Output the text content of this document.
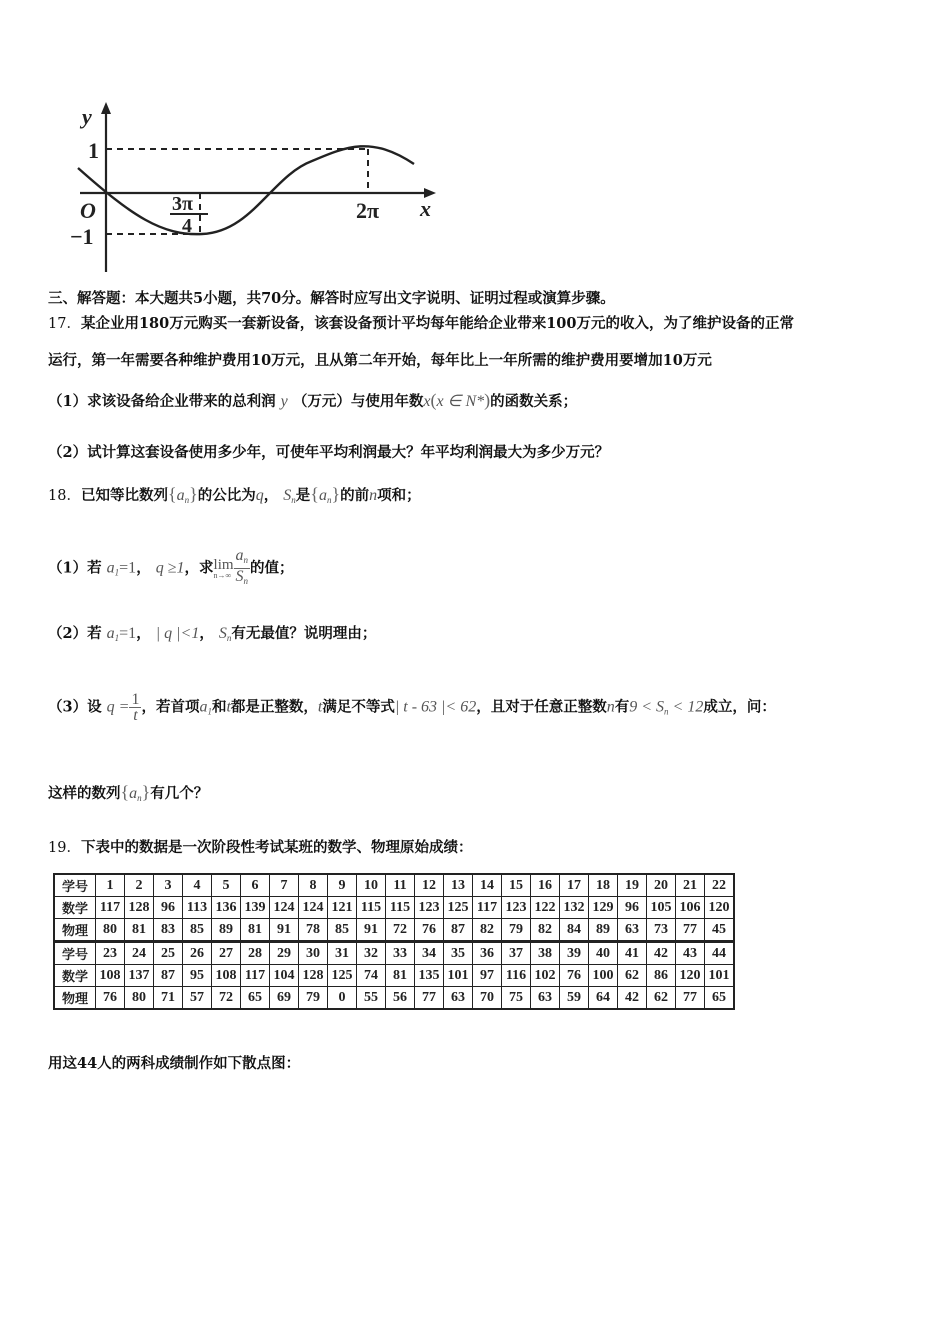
y
x
O
1
−1
3π
4
2π
三、解答题：本大题共5小题，共70分。解答时应写出文字说明、证明过程或演算步骤。
17．某企业用180万元购买一套新设备，该套设备预计平均每年能给企业带来100万元的收入，为了维护设备的正常
运行，第一年需要各种维护费用10万元，且从第二年开始，每年比上一年所需的维护费用要增加10万元
（1）求该设备给企业带来的总利润 y （万元）与使用年数x(x ∈ N*)的函数关系；
（2）试计算这套设备使用多少年，可使年平均利润最大？年平均利润最大为多少万元？
18．已知等比数列$\{a_n\}$的公比为q， $S_n$是$\{a_n\}$的前n项和；
（1）若 $a_1=1$， q ≥1，求 lim
$n\to\infty \frac{a_n}{S_n}$ 的值；
（2）若 $a_1=1$， | q |<1， $S_n$有无最值？说明理由；
（3）设 $q = \frac{1}{t}$ ，若首项$a_1$和t都是正整数，t满足不等式| t - 63 |< 62，且对于任意正整数n有$9 < S_n < 12$成立，问：
这样的数列$\{a_n\}$有几个？
19．下表中的数据是一次阶段性考试某班的数学、物理原始成绩：
学号	1	2	3	4	5	6	7	8	9	10	11	12	13	14	15	16	17	18	19	20	21	22
数学	117	128	96	113	136	139	124	124	121	115	115	123	125	117	123	122	132	129	96	105	106	120
物理	80	81	83	85	89	81	91	78	85	91	72	76	87	82	79	82	84	89	63	73	77	45
学号	23	24	25	26	27	28	29	30	31	32	33	34	35	36	37	38	39	40	41	42	43	44
数学	108	137	87	95	108	117	104	128	125	74	81	135	101	97	116	102	76	100	62	86	120	101
物理	76	80	71	57	72	65	69	79	0	55	56	77	63	70	75	63	59	64	42	62	77	65
用这44人的两科成绩制作如下散点图：
